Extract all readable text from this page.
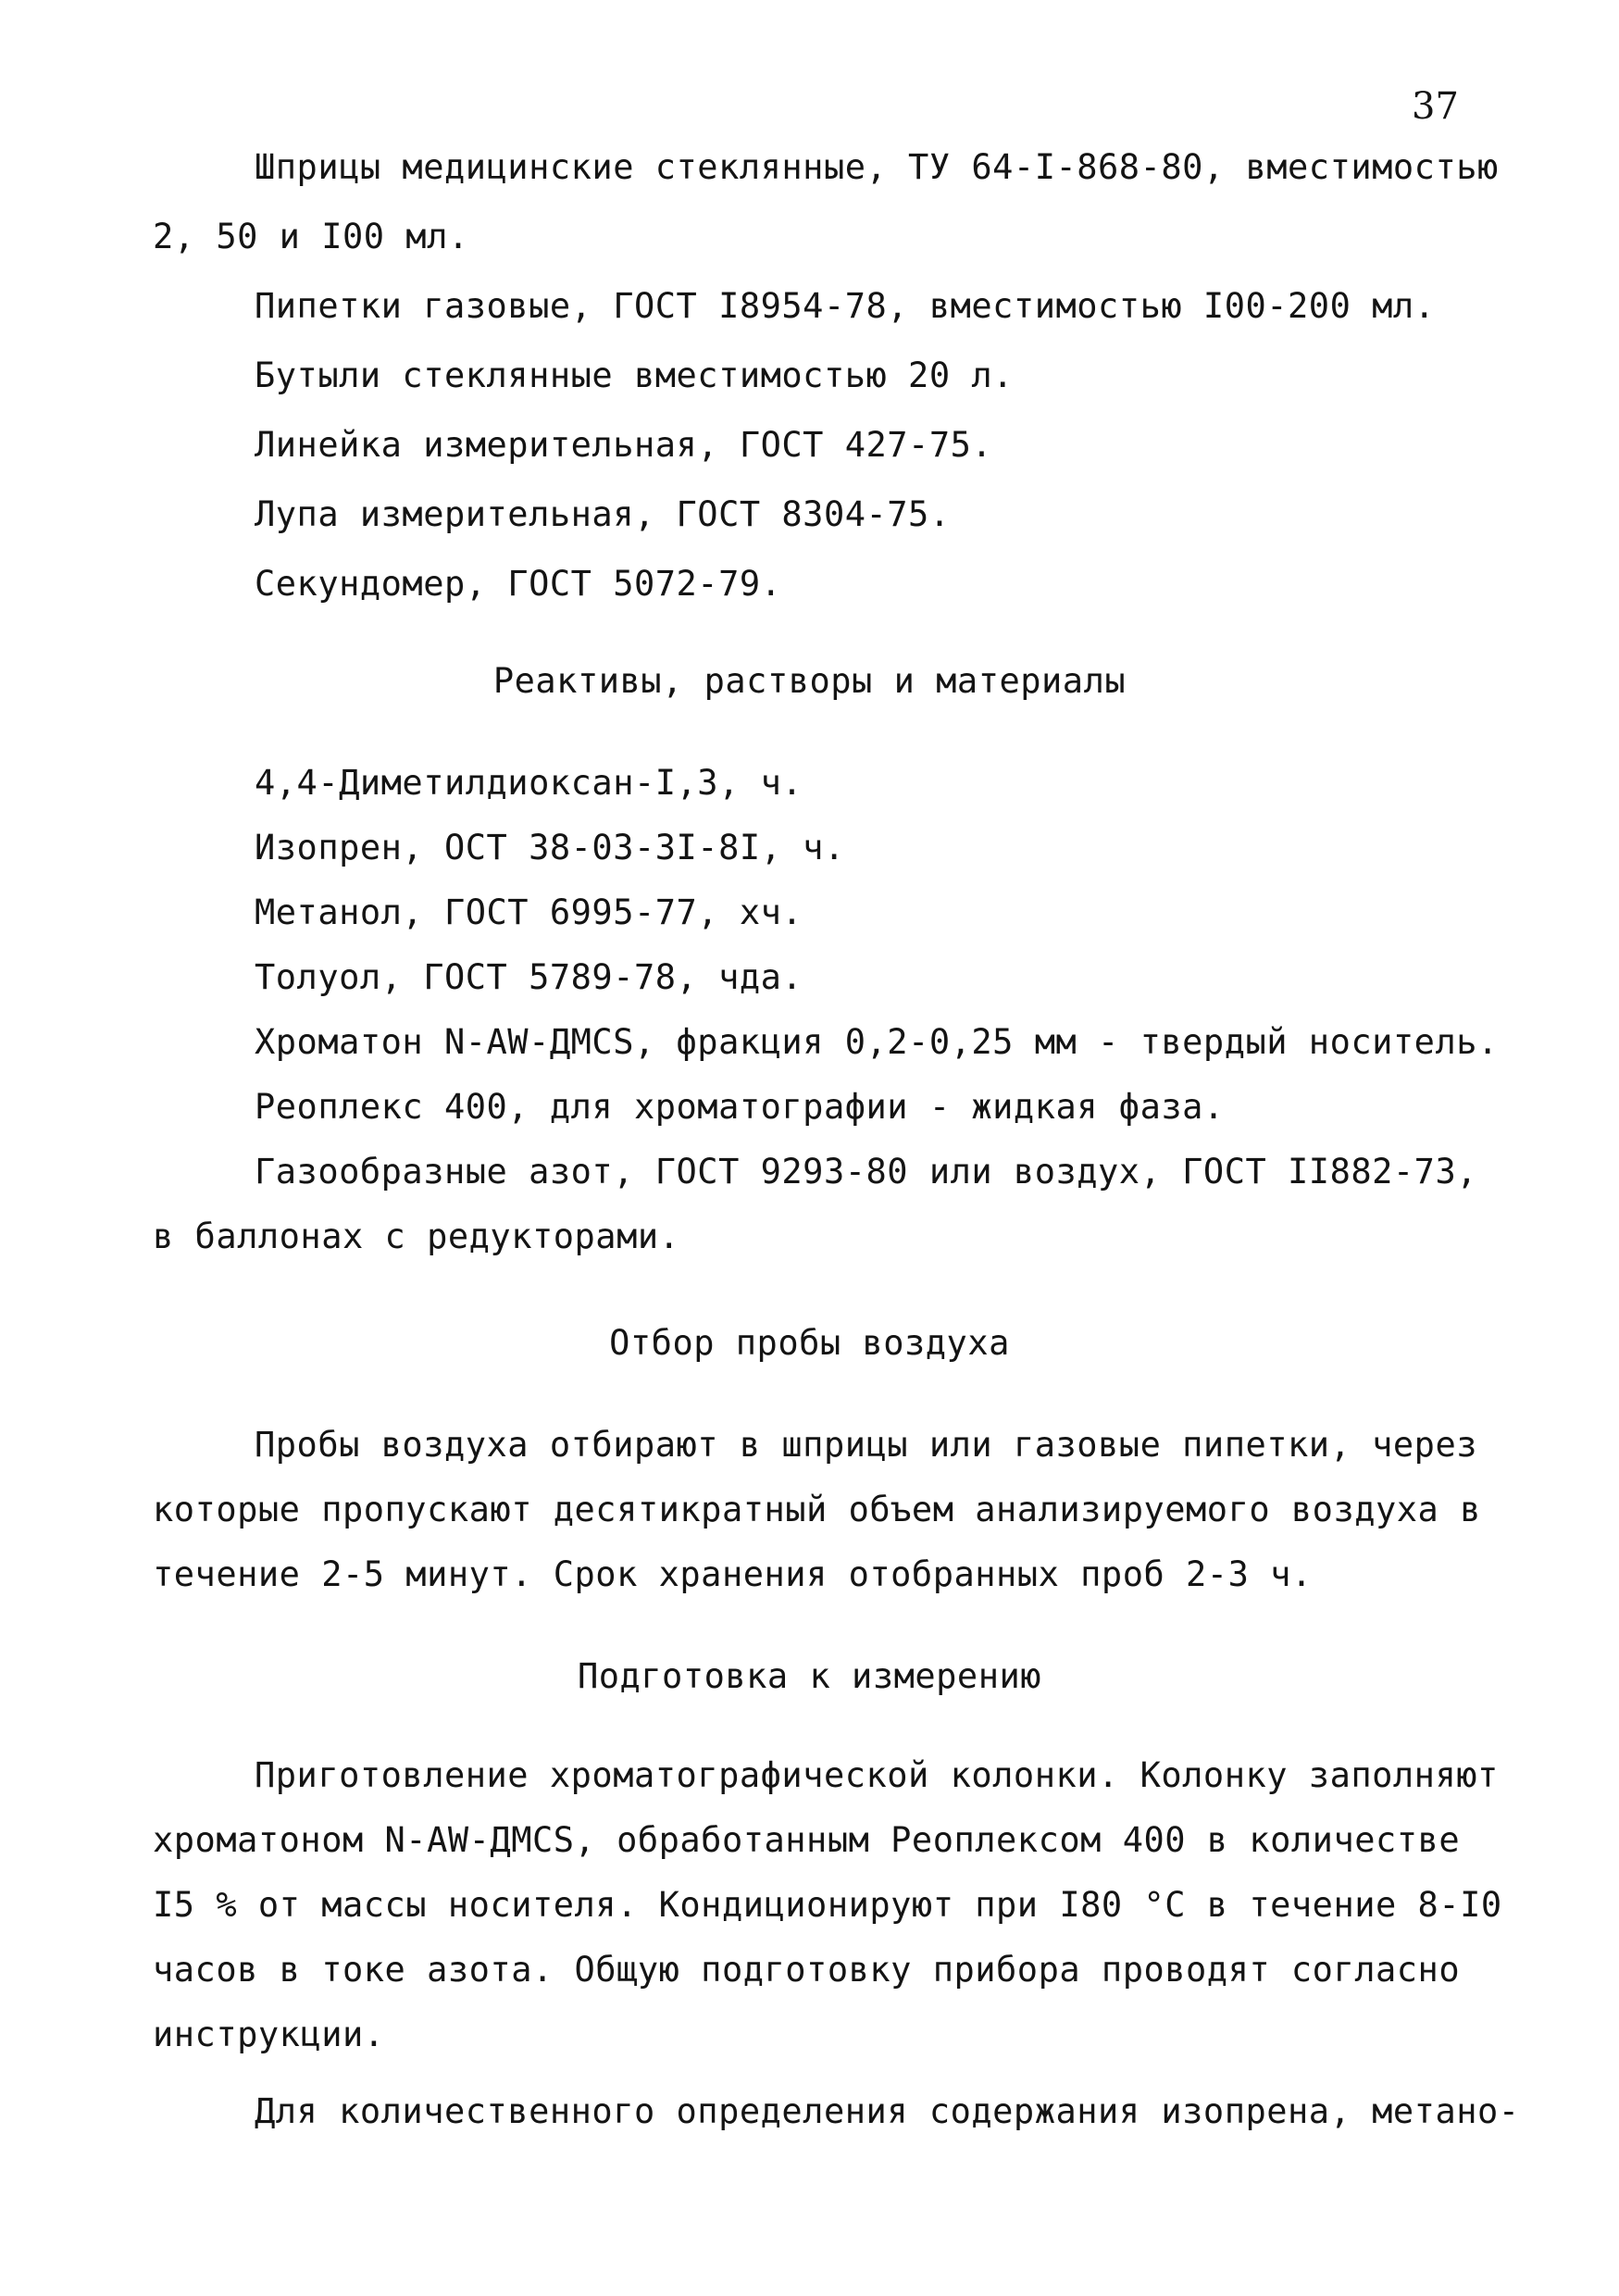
37

Шприцы медицинские стеклянные, ТУ 64-I-868-80, вместимостью

2, 50 и I00 мл.

Пипетки газовые, ГОСТ I8954-78, вместимостью I00-200 мл.

Бутыли стеклянные вместимостью 20 л.

Линейка измерительная, ГОСТ 427-75.

Лупа измерительная, ГОСТ 8304-75.

Секундомер, ГОСТ 5072-79.

Реактивы, растворы и материалы

4,4-Диметилдиоксан-I,3, ч.

Изопрен, ОСТ 38-03-3I-8I, ч.

Метанол, ГОСТ 6995-77, хч.

Толуол, ГОСТ 5789-78, чда.

Хроматон N-AW-ДМCS, фракция 0,2-0,25 мм - твердый носитель.

Реоплекс 400, для хроматографии - жидкая фаза.

Газообразные азот, ГОСТ 9293-80 или воздух, ГОСТ II882-73,

в баллонах с редукторами.

Отбор пробы воздуха

Пробы воздуха отбирают в шприцы или газовые пипетки, через

которые пропускают десятикратный объем анализируемого воздуха в

течение 2-5 минут. Срок хранения отобранных проб 2-3 ч.

Подготовка к измерению

Приготовление хроматографической колонки. Колонку заполняют

хроматоном N-AW-ДМCS, обработанным Реоплексом 400 в количестве

I5 % от массы носителя. Кондиционируют при I80 °С в течение 8-I0

часов в токе азота. Общую подготовку прибора проводят согласно

инструкции.

Для количественного определения содержания изопрена, метано-
